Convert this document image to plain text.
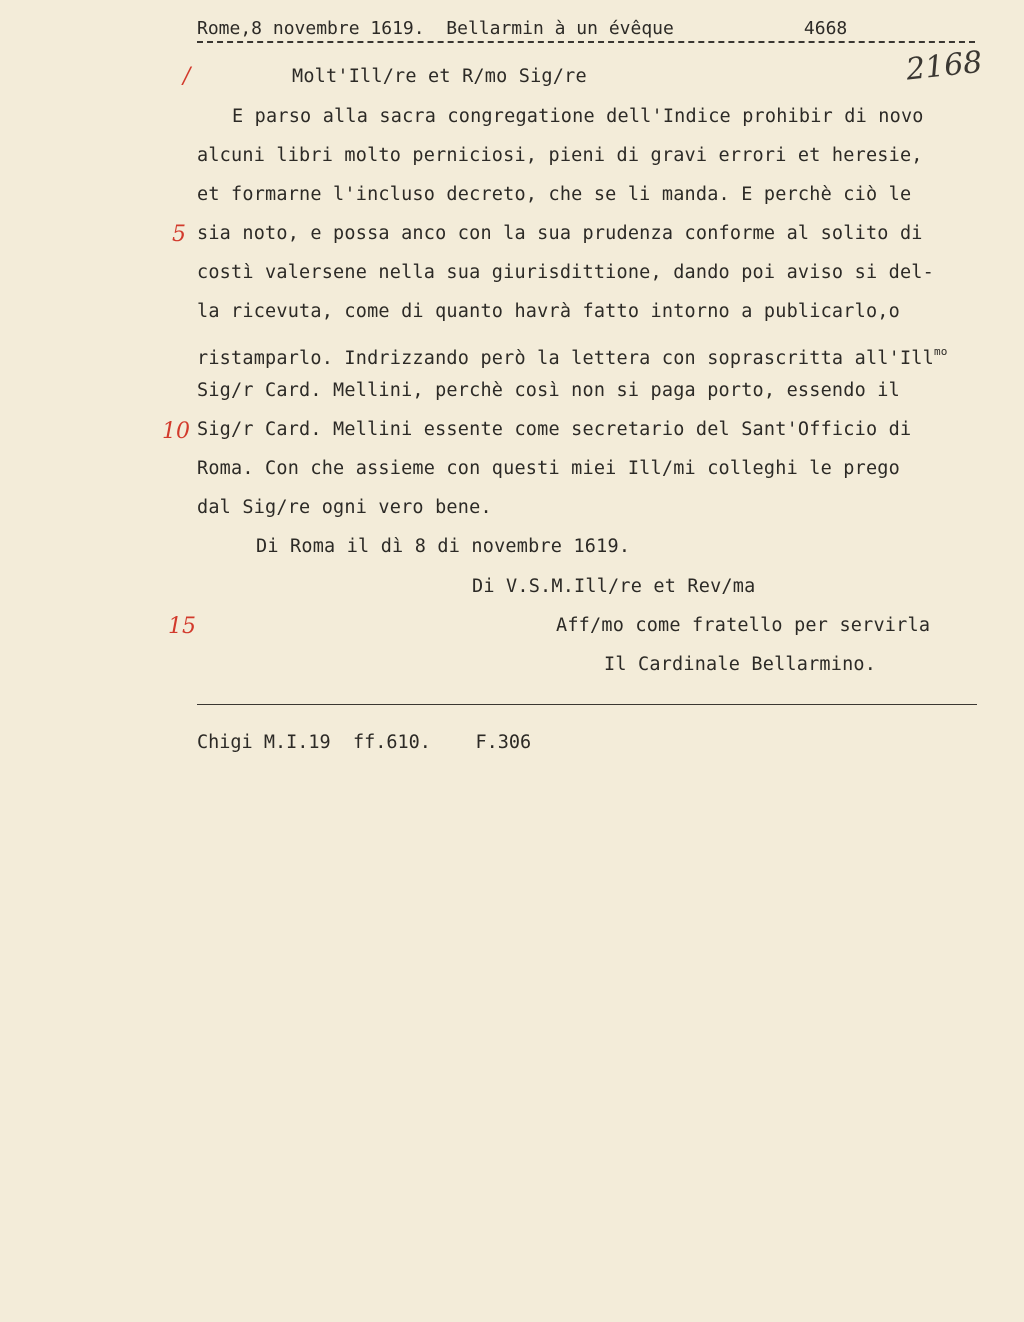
Rome,8 novembre 1619. Bellarmin à un évêque	4668
2168
/
5
10
15
Molt'Ill/re et R/mo Sig/re
E parso alla sacra congregatione dell'Indice prohibir di novo
alcuni libri molto perniciosi, pieni di gravi errori et heresie,
et formarne l'incluso decreto, che se li manda. E perchè ciò le
sia noto, e possa anco con la sua prudenza conforme al solito di
costì valersene nella sua giurisdittione, dando poi aviso si del-
la ricevuta, come di quanto havrà fatto intorno a publicarlo,o
ristamparlo. Indrizzando però la lettera con soprascritta all'Ill$^{mo}$
Sig/r Card. Mellini, perchè così non si paga porto, essendo il
Sig/r Card. Mellini essente come secretario del Sant'Officio di
Roma. Con che assieme con questi miei Ill/mi colleghi le prego
dal Sig/re ogni vero bene.
Di Roma il dì 8 di novembre 1619.
Di V.S.M.Ill/re et Rev/ma
Aff/mo come fratello per servirla
Il Cardinale Bellarmino.
Chigi M.I.19 ff.610. F.306
